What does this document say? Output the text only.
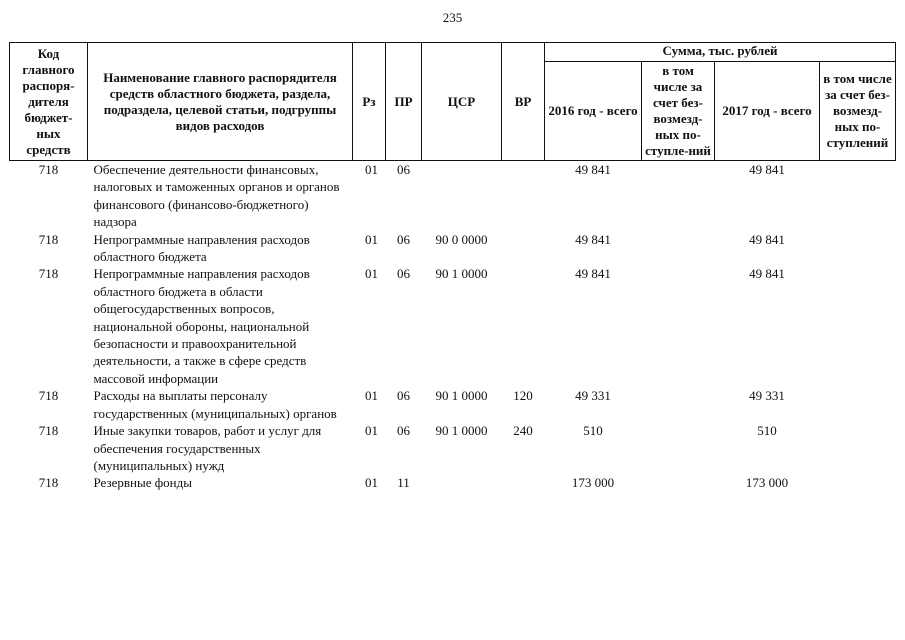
235
Код главного распоря-дителя бюджет-ных средств	Наименование главного распорядителя средств областного бюджета, раздела, подраздела, целевой статьи, подгруппы видов расходов	Рз	ПР	ЦСР	ВР	Сумма, тыс. рублей			
						2016 год - всего	в том числе за счет без-возмезд-ных по-ступле-ний	2017 год - всего	в том числе за счет без-возмезд-ных по-ступлений
718	Обеспечение деятельности финансовых, налоговых и таможенных органов и органов финансового (финансово-бюджетного) надзора	01	06			49 841		49 841	
718	Непрограммные направления расходов областного бюджета	01	06	90 0 0000		49 841		49 841	
718	Непрограммные направления расходов областного бюджета в области общегосударственных вопросов, национальной обороны, национальной безопасности и правоохранительной деятельности, а также в сфере средств массовой информации	01	06	90 1 0000		49 841		49 841	
718	Расходы на выплаты персоналу государственных (муниципальных) органов	01	06	90 1 0000	120	49 331		49 331	
718	Иные закупки товаров, работ и услуг для обеспечения государственных (муниципальных) нужд	01	06	90 1 0000	240	510		510	
718	Резервные фонды	01	11			173 000		173 000	
